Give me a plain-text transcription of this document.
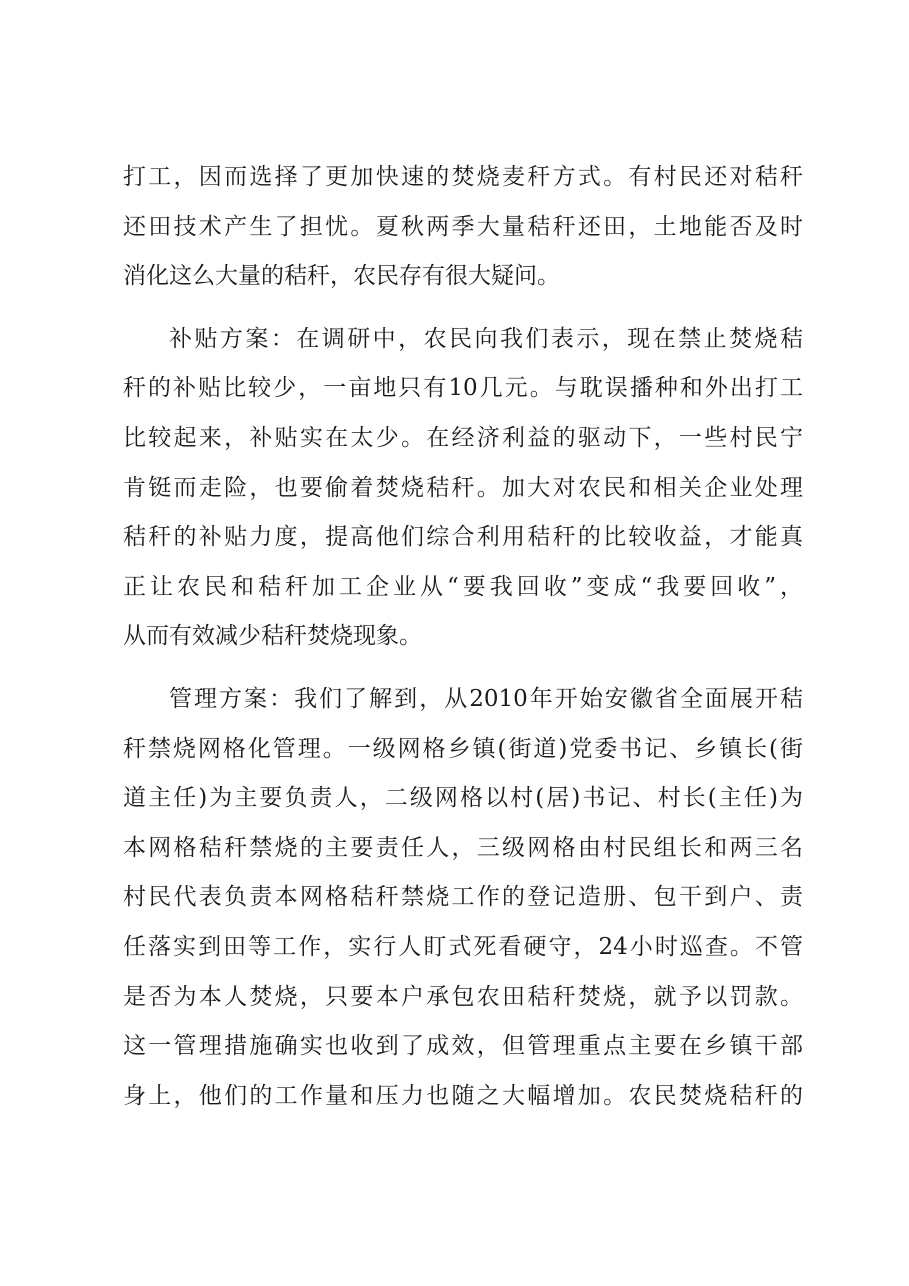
打工，因而选择了更加快速的焚烧麦秆方式。有村民还对秸秆
还田技术产生了担忧。夏秋两季大量秸秆还田，土地能否及时
消化这么大量的秸秆，农民存有很大疑问。
补贴方案：在调研中，农民向我们表示，现在禁止焚烧秸
秆的补贴比较少，一亩地只有10几元。与耽误播种和外出打工
比较起来，补贴实在太少。在经济利益的驱动下，一些村民宁
肯铤而走险，也要偷着焚烧秸秆。加大对农民和相关企业处理
秸秆的补贴力度，提高他们综合利用秸秆的比较收益，才能真
正让农民和秸秆加工企业从“要我回收”变成“我要回收”，
从而有效减少秸秆焚烧现象。
管理方案：我们了解到，从2010年开始安徽省全面展开秸
秆禁烧网格化管理。一级网格乡镇(街道)党委书记、乡镇长(街
道主任)为主要负责人，二级网格以村(居)书记、村长(主任)为
本网格秸秆禁烧的主要责任人，三级网格由村民组长和两三名
村民代表负责本网格秸秆禁烧工作的登记造册、包干到户、责
任落实到田等工作，实行人盯式死看硬守，24小时巡查。不管
是否为本人焚烧，只要本户承包农田秸秆焚烧，就予以罚款。
这一管理措施确实也收到了成效，但管理重点主要在乡镇干部
身上，他们的工作量和压力也随之大幅增加。农民焚烧秸秆的
